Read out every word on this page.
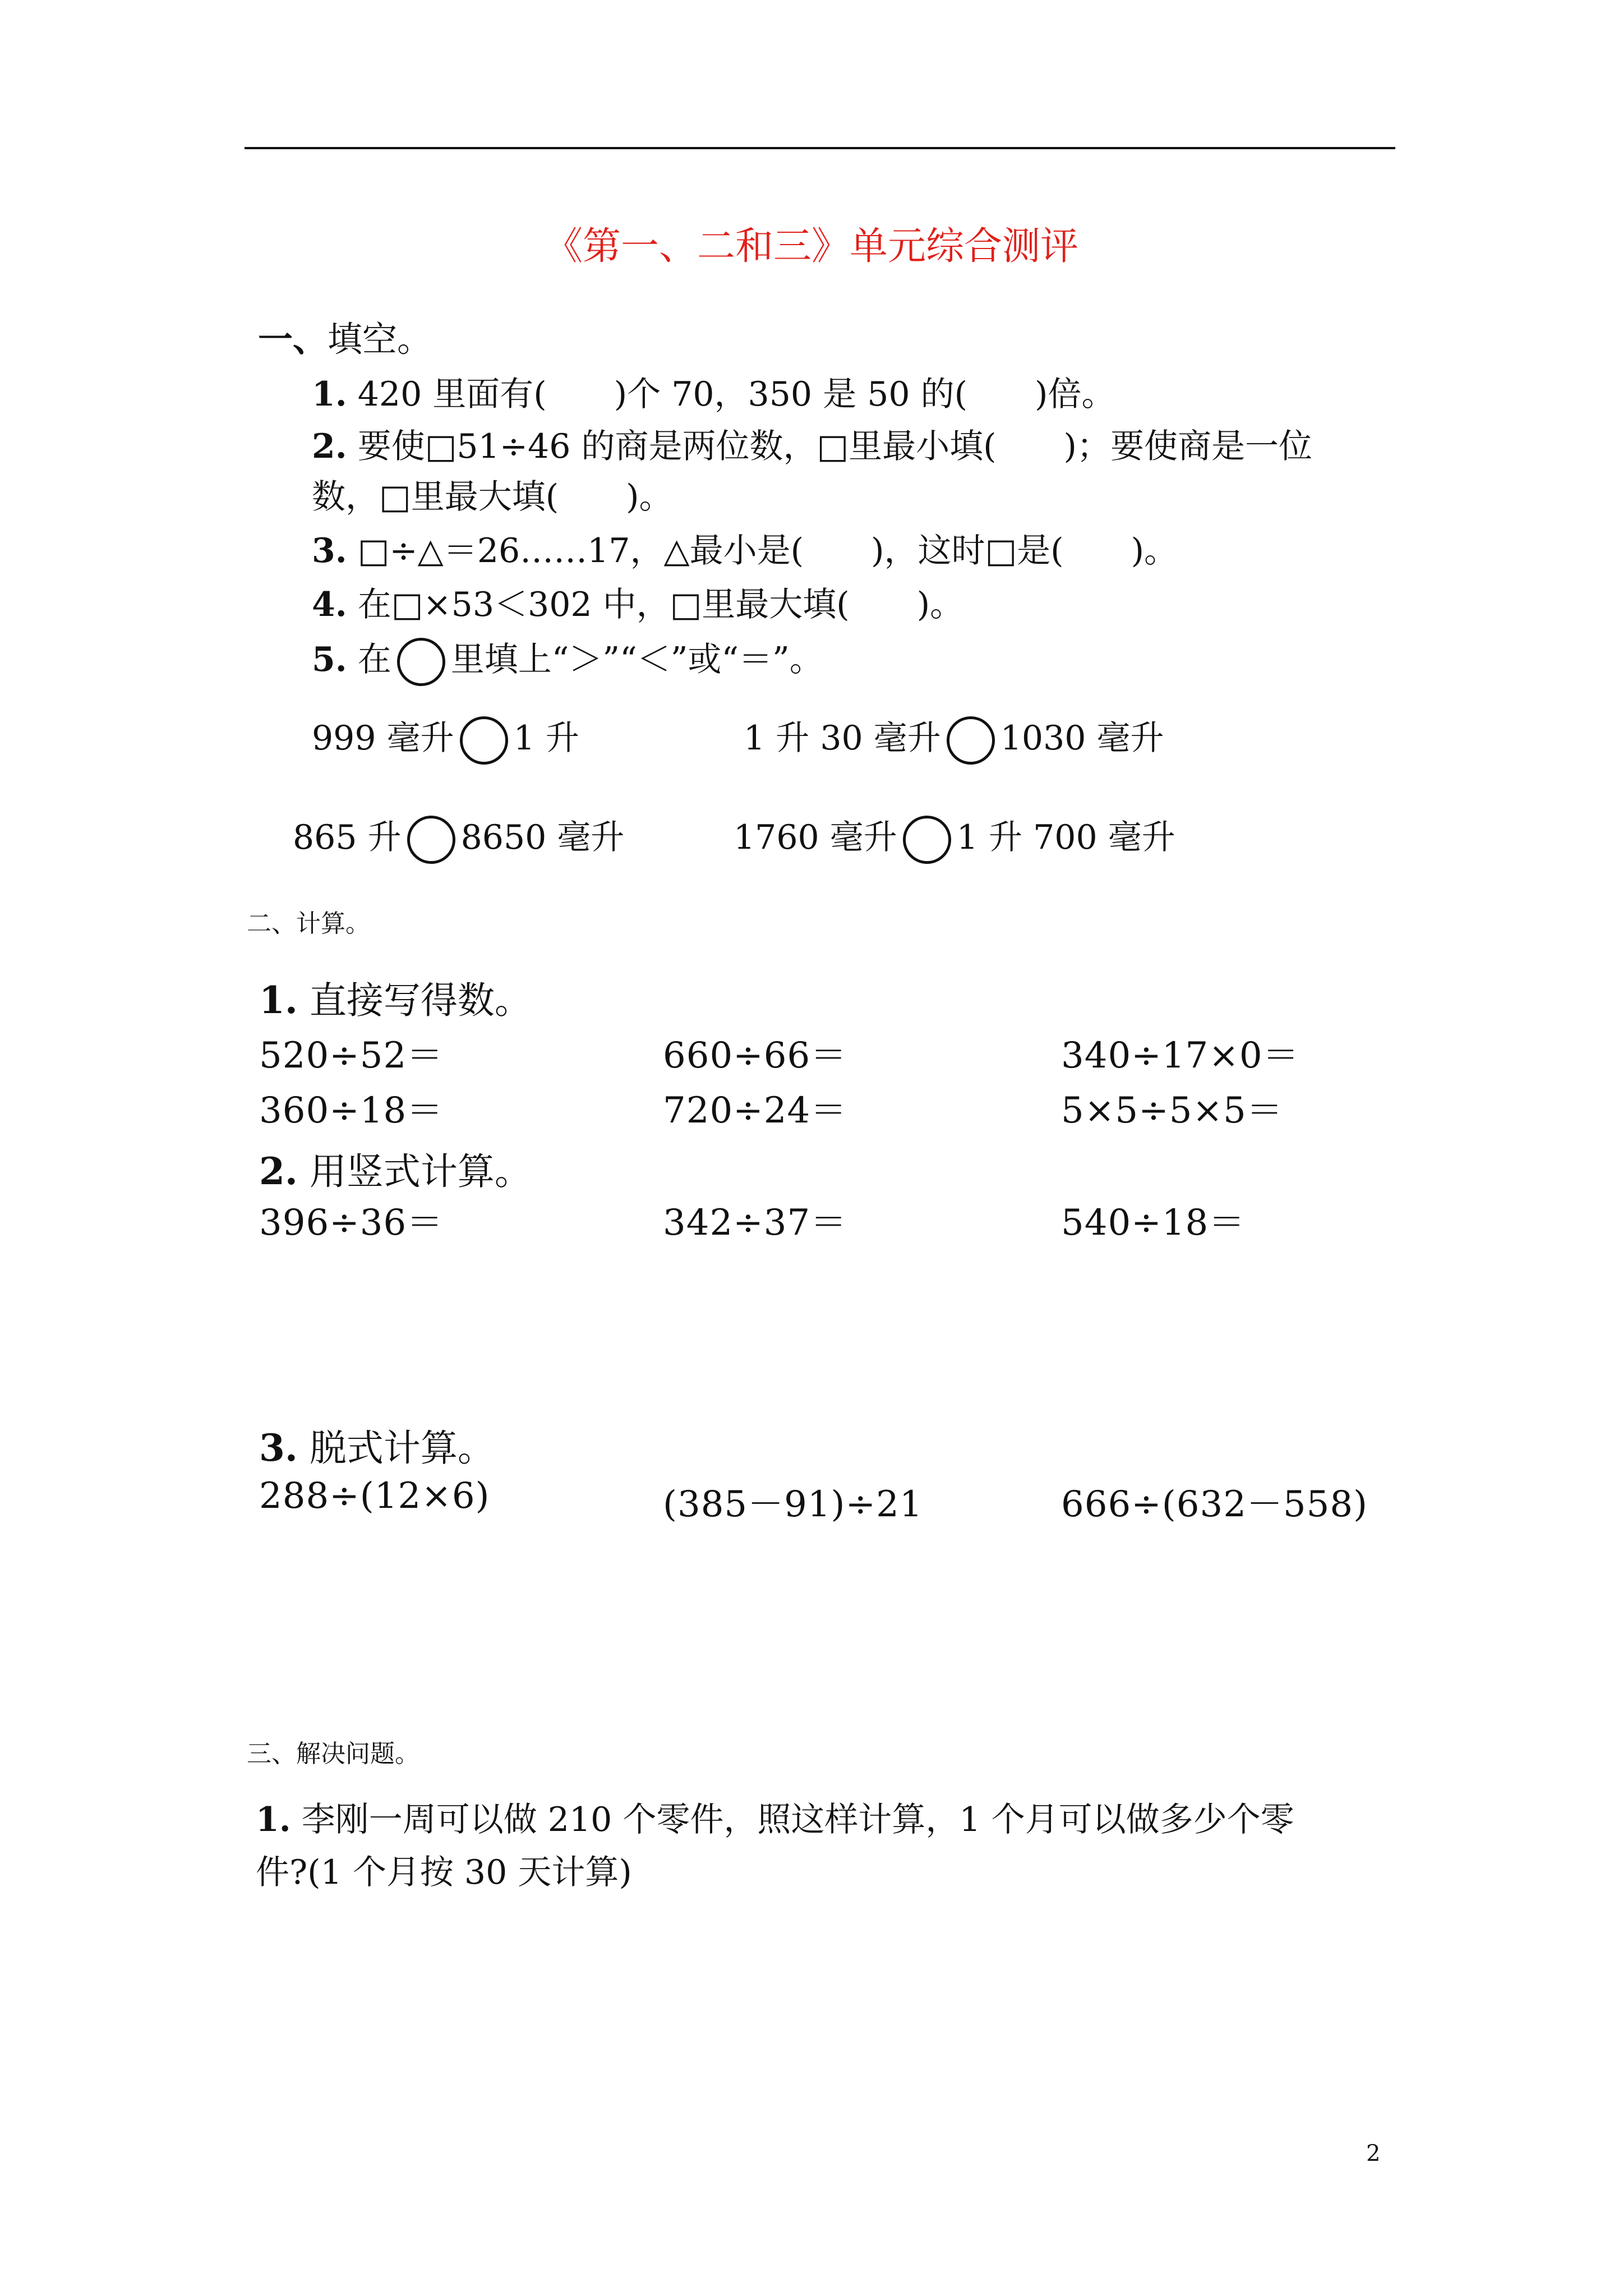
《第一、二和三》单元综合测评
一、填空。
1. 420 里面有(　　)个 70，350 是 50 的(　　)倍。
2. 要使□51÷46 的商是两位数，□里最小填(　　)；要使商是一位
数，□里最大填(　　)。
3. □÷△＝26……17，△最小是(　　)，这时□是(　　)。
4. 在□×53＜302 中，□里最大填(　　)。
5. 在 里填上“＞”“＜”或“＝”。
999 毫升 1 升	1 升 30 毫升 1030 毫升
865 升 8650 毫升	1760 毫升 1 升 700 毫升
二、计算。
1. 直接写得数。
520÷52＝	660÷66＝	340÷17×0＝
360÷18＝	720÷24＝	5×5÷5×5＝
2. 用竖式计算。
396÷36＝	342÷37＝	540÷18＝
3. 脱式计算。
288÷(12×6)	(385－91)÷21	666÷(632－558)
三、解决问题。
1. 李刚一周可以做 210 个零件，照这样计算，1 个月可以做多少个零
件?(1 个月按 30 天计算)
2
